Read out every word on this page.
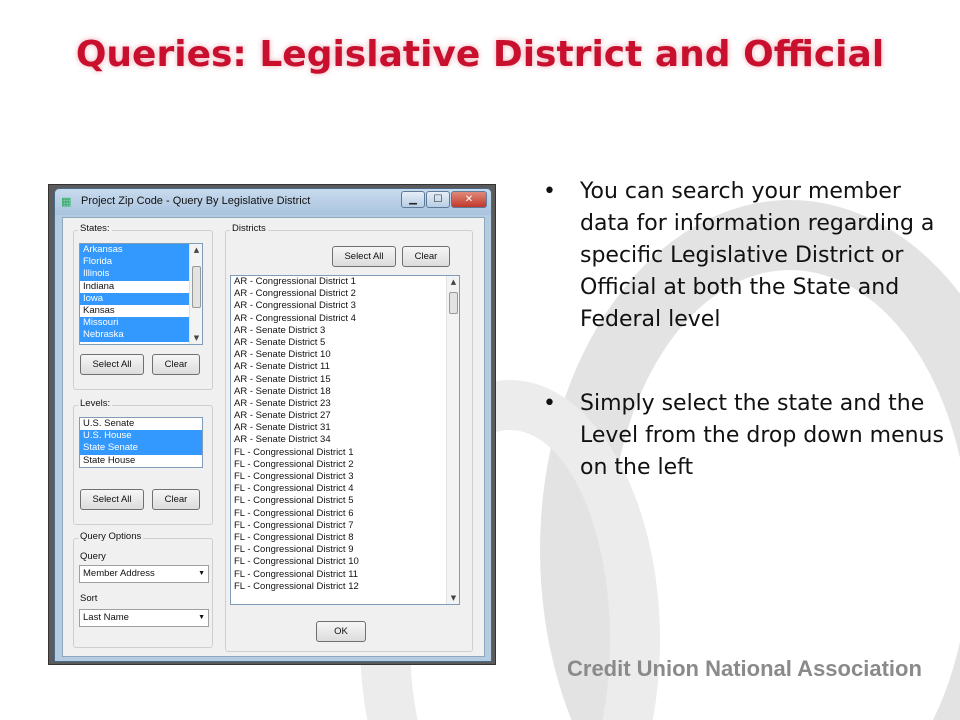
Queries: Legislative District and Official
• You can search your member data for information regarding a specific Legislative District or Official at both the State and Federal level
• Simply select the state and the Level from the drop down menus on the left
Credit Union National Association
▦ Project Zip Code - Query By Legislative District	▁	☐	✕
States:
Arkansas
Florida
Illinois
Indiana
Iowa
Kansas
Missouri
Nebraska
▲
▼
Select All	Clear
Levels:
U.S. Senate
U.S. House
State Senate
State House
Select All	Clear
Query Options
Query
Member Address	▼
Sort
Last Name	▼
Districts
Select All	Clear
AR - Congressional District 1
AR - Congressional District 2
AR - Congressional District 3
AR - Congressional District 4
AR - Senate District 3
AR - Senate District 5
AR - Senate District 10
AR - Senate District 11
AR - Senate District 15
AR - Senate District 18
AR - Senate District 23
AR - Senate District 27
AR - Senate District 31
AR - Senate District 34
FL - Congressional District 1
FL - Congressional District 2
FL - Congressional District 3
FL - Congressional District 4
FL - Congressional District 5
FL - Congressional District 6
FL - Congressional District 7
FL - Congressional District 8
FL - Congressional District 9
FL - Congressional District 10
FL - Congressional District 11
FL - Congressional District 12
▲
▼
OK
